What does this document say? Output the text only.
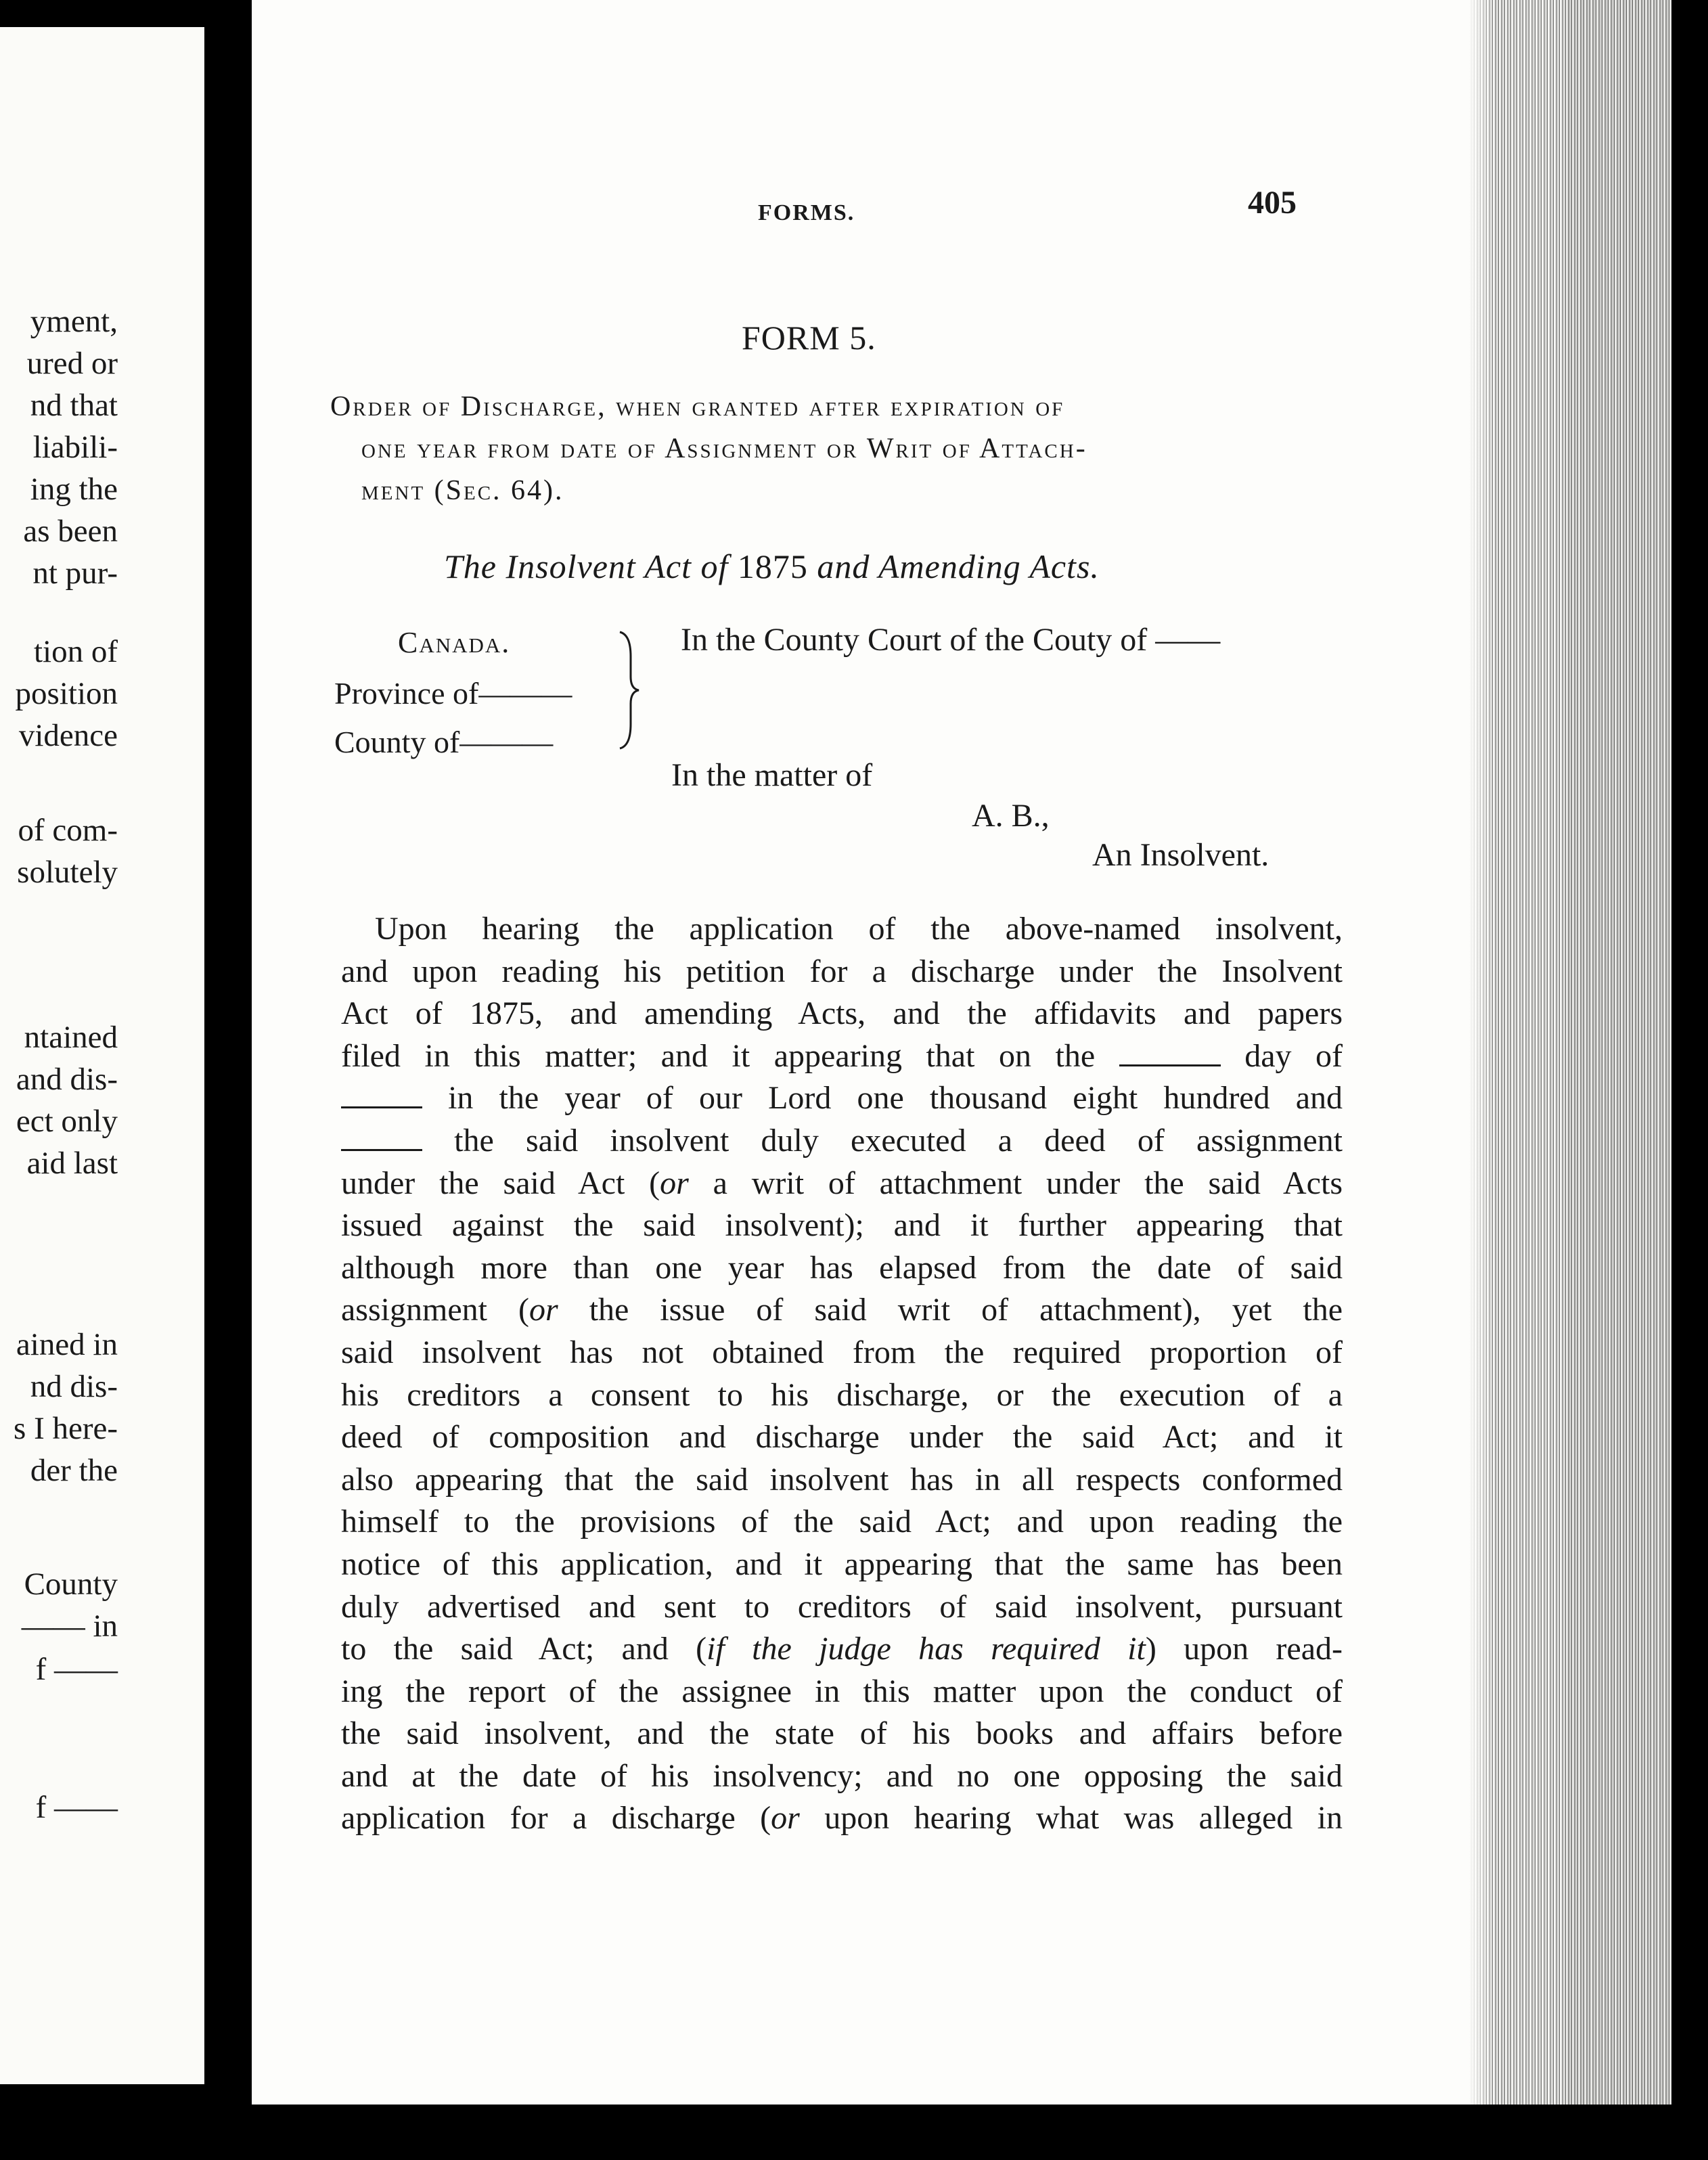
yment,
ured or
nd that
liabili-
ing the
as been
nt pur-
tion of
position
vidence
of com-
solutely
ntained
and dis-
ect only
aid last
ained in
nd dis-
s I here-
der the
County
—— in
f ——
f ——
FORMS.	405
FORM 5.
Order of Discharge, when granted after expiration of
one year from date of Assignment or Writ of Attach-
ment (Sec. 64).
The Insolvent Act of 1875 and Amending Acts.
Canada.
Province of———
County of———
In the County Court of the Couty of ——
In the matter of
A. B.,
An Insolvent.
Upon hearing the application of the above-named insolvent,
and upon reading his petition for a discharge under the Insolvent
Act of 1875, and amending Acts, and the affidavits and papers
filed in this matter; and it appearing that on the	day of
in the year of our Lord one thousand eight hundred and
the said insolvent duly executed a deed of assignment
under the said Act (or a writ of attachment under the said Acts
issued against the said insolvent); and it further appearing that
although more than one year has elapsed from the date of said
assignment (or the issue of said writ of attachment), yet the
said insolvent has not obtained from the required proportion of
his creditors a consent to his discharge, or the execution of a
deed of composition and discharge under the said Act; and it
also appearing that the said insolvent has in all respects conformed
himself to the provisions of the said Act; and upon reading the
notice of this application, and it appearing that the same has been
duly advertised and sent to creditors of said insolvent, pursuant
to the said Act; and (if the judge has required it) upon read-
ing the report of the assignee in this matter upon the conduct of
the said insolvent, and the state of his books and affairs before
and at the date of his insolvency; and no one opposing the said
application for a discharge (or upon hearing what was alleged in
